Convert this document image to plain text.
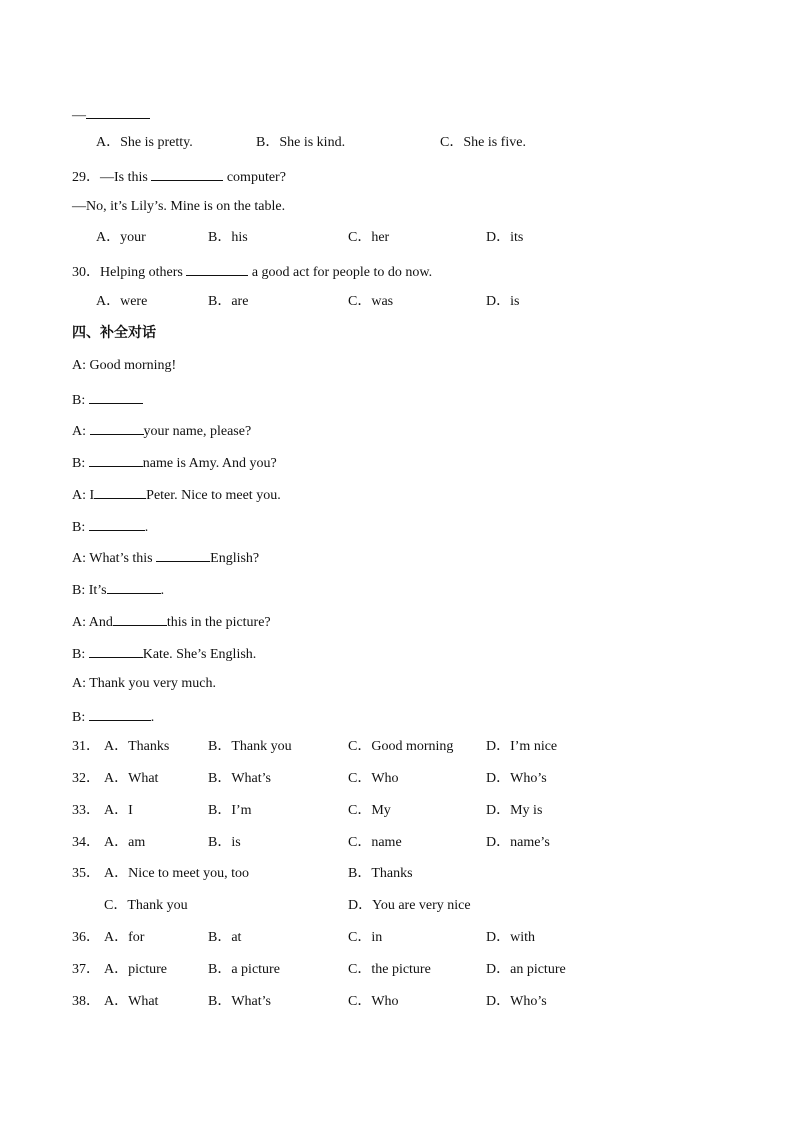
—
A．She is pretty.	B．She is kind.	C．She is five.
29．—Is this	computer?
—No, it’s Lily’s. Mine is on the table.
A．your	B．his	C．her	D．its
30．Helping others	a good act for people to do now.
A．were	B．are	C．was	D．is
四、补全对话
A: Good morning!
B:
A:	your name, please?
B:	name is Amy. And you?
A: I	Peter. Nice to meet you.
B:	.
A: What’s this	English?
B: It’s	.
A: And	this in the picture?
B:	Kate. She’s English.
A: Thank you very much.
B:	.
31． A．Thanks	B．Thank you	C．Good morning D．I’m nice
32． A．What	B．What’s	C．Who	D．Who’s
33． A．I	B．I’m	C．My	D．My is
34． A．am	B．is	C．name	D．name’s
35． A．Nice to meet you, too	B．Thanks
C．Thank you	D．You are very nice
36． A．for	B．at	C．in	D．with
37． A．picture	B．a picture	C．the picture	D．an picture
38． A．What	B．What’s	C．Who	D．Who’s
